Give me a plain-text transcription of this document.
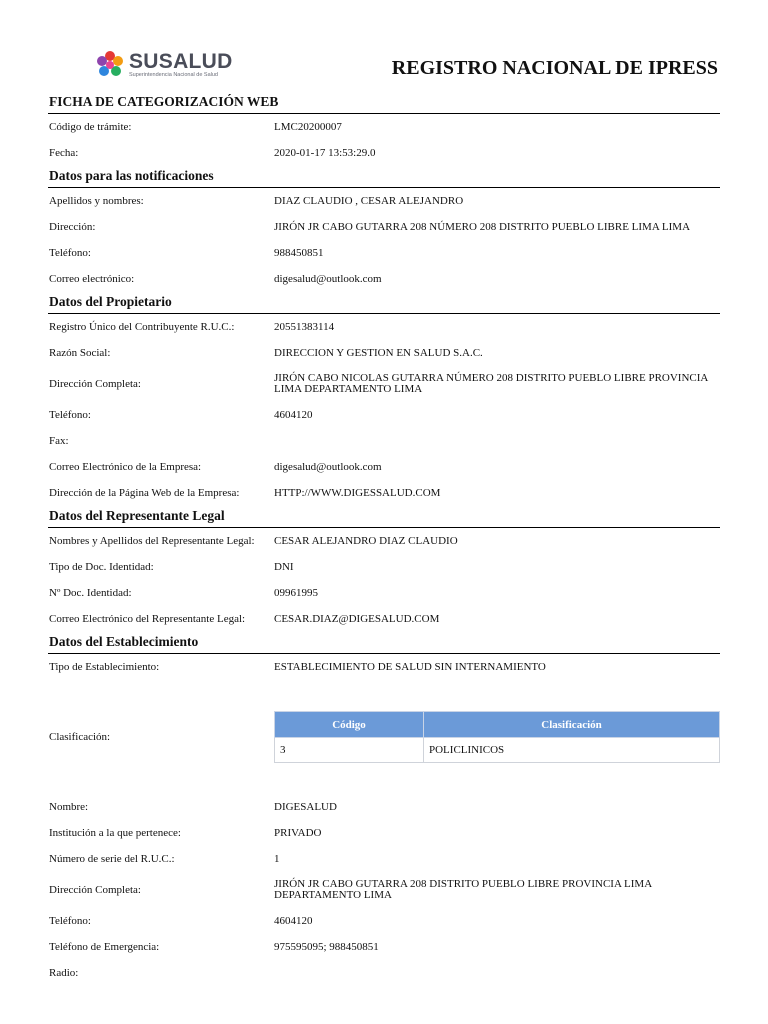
SUSALUD
Superintendencia Nacional de Salud	REGISTRO NACIONAL DE IPRESS
FICHA DE CATEGORIZACIÓN WEB
Código de trámite:	LMC20200007
Fecha:	2020-01-17 13:53:29.0
Datos para las notificaciones
Apellidos y nombres:	DIAZ CLAUDIO , CESAR ALEJANDRO
Dirección:	JIRÓN JR CABO GUTARRA 208 NÚMERO 208 DISTRITO PUEBLO LIBRE LIMA LIMA
Teléfono:	988450851
Correo electrónico:	digesalud@outlook.com
Datos del Propietario
Registro Único del Contribuyente R.U.C.:	20551383114
Razón Social:	DIRECCION Y GESTION EN SALUD S.A.C.
Dirección Completa:	JIRÓN CABO NICOLAS GUTARRA NÚMERO 208 DISTRITO PUEBLO LIBRE PROVINCIA LIMA DEPARTAMENTO LIMA
Teléfono:	4604120
Fax:
Correo Electrónico de la Empresa:	digesalud@outlook.com
Dirección de la Página Web de la Empresa:	HTTP://WWW.DIGESSALUD.COM
Datos del Representante Legal
Nombres y Apellidos del Representante Legal:	CESAR ALEJANDRO DIAZ CLAUDIO
Tipo de Doc. Identidad:	DNI
Nº Doc. Identidad:	09961995
Correo Electrónico del Representante Legal:	CESAR.DIAZ@DIGESALUD.COM
Datos del Establecimiento
Tipo de Establecimiento:	ESTABLECIMIENTO DE SALUD SIN INTERNAMIENTO
Clasificación:
Código	Clasificación
3	POLICLINICOS
Nombre:	DIGESALUD
Institución a la que pertenece:	PRIVADO
Número de serie del R.U.C.:	1
Dirección Completa:	JIRÓN JR CABO GUTARRA 208 DISTRITO PUEBLO LIBRE PROVINCIA LIMA DEPARTAMENTO LIMA
Teléfono:	4604120
Teléfono de Emergencia:	975595095; 988450851
Radio:
